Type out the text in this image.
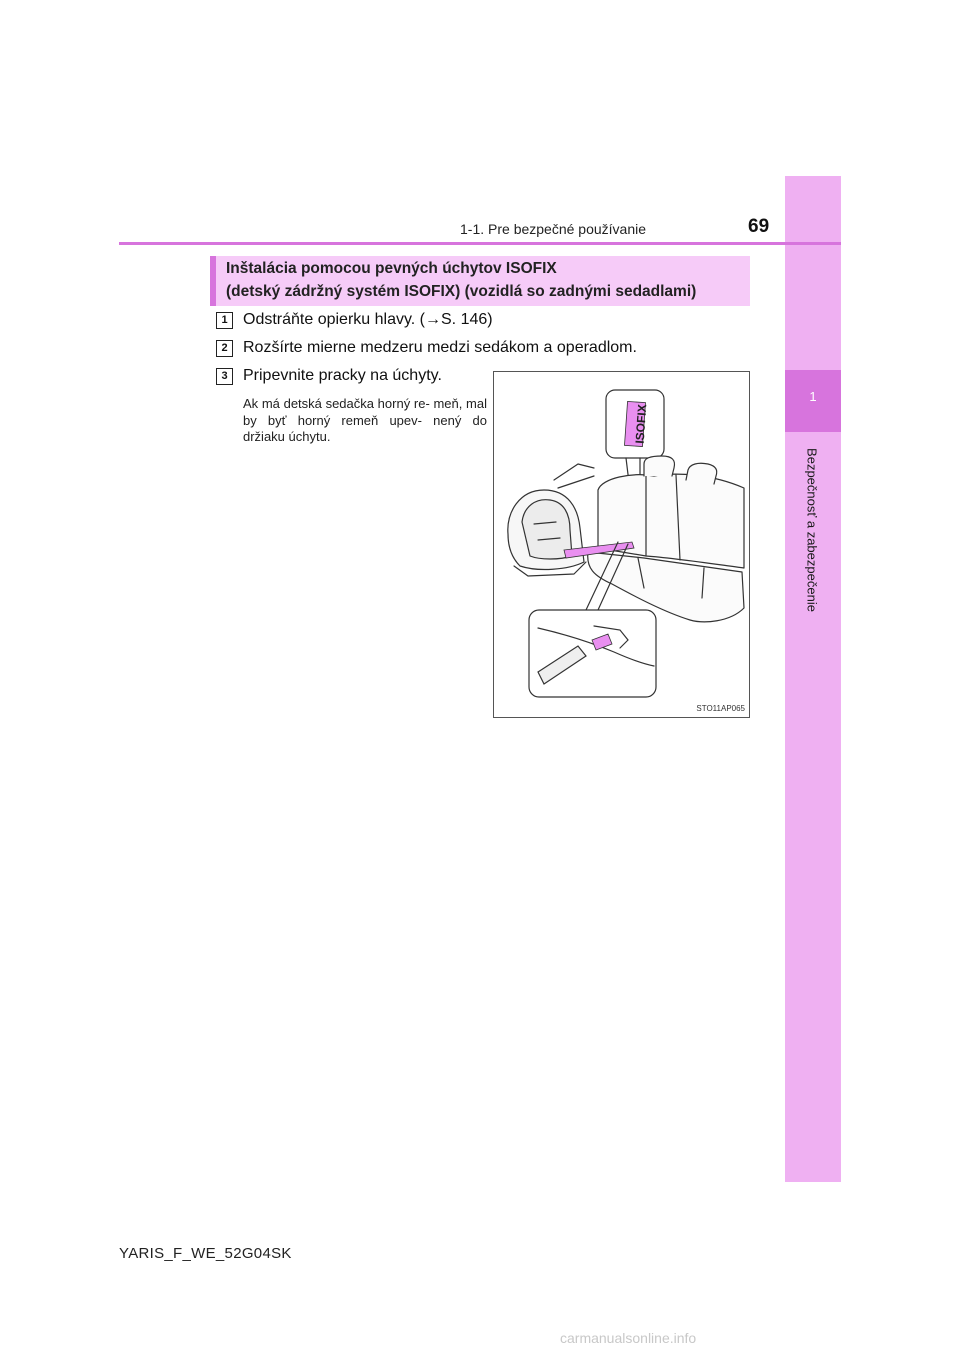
1
Bezpečnosť a zabezpečenie
1-1. Pre bezpečné používanie	69
Inštalácia pomocou pevných úchytov ISOFIX
(detský zádržný systém ISOFIX) (vozidlá so zadnými sedadlami)
1 Odstráňte opierku hlavy. (→S. 146)
2 Rozšírte mierne medzeru medzi sedákom a operadlom.
3 Pripevnite pracky na úchyty.
Ak má detská sedačka horný re- meň, mal by byť horný remeň upev- nený do držiaku úchytu.	ISOFIX
STO11AP065
YARIS_F_WE_52G04SK
carmanualsonline.info
